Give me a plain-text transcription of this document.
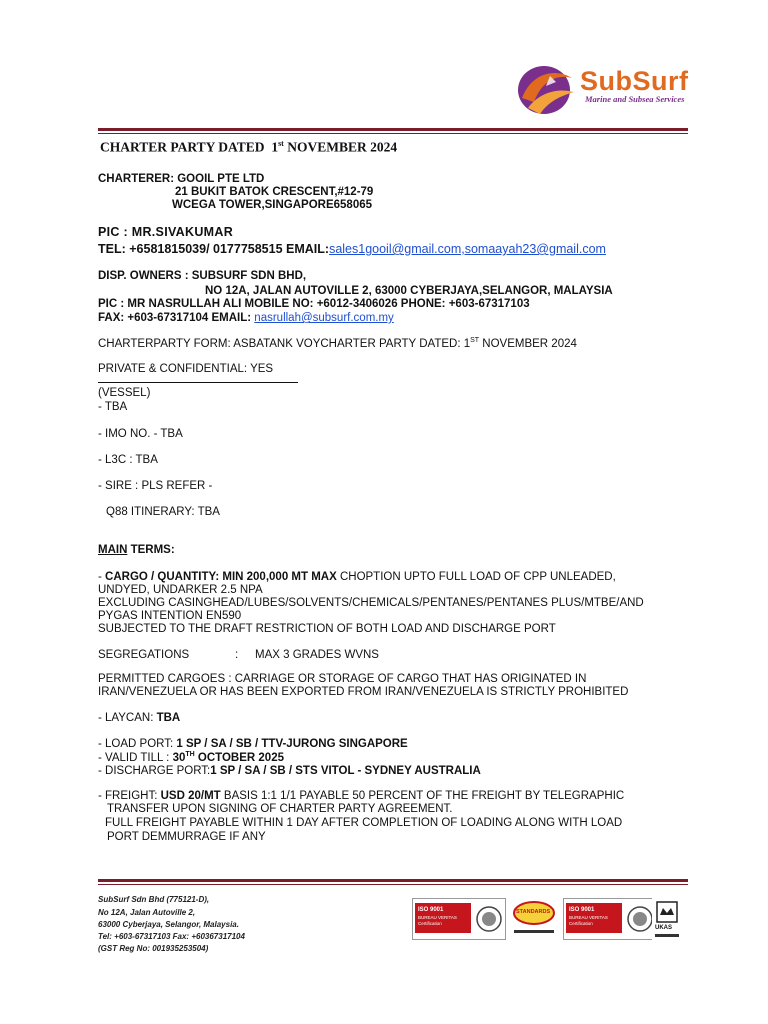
SubSurf
Marine and Subsea Services
CHARTER PARTY DATED 1st NOVEMBER 2024
CHARTERER: GOOIL PTE LTD
21 BUKIT BATOK CRESCENT,#12-79
WCEGA TOWER,SINGAPORE658065
PIC : MR.SIVAKUMAR
TEL: +6581815039/ 0177758515 EMAIL:sales1gooil@gmail.com,somaayah23@gmail.com
DISP. OWNERS : SUBSURF SDN BHD,
NO 12A, JALAN AUTOVILLE 2, 63000 CYBERJAYA,SELANGOR, MALAYSIA
PIC : MR NASRULLAH ALI MOBILE NO: +6012-3406026 PHONE: +603-67317103
FAX: +603-67317104 EMAIL: nasrullah@subsurf.com.my
CHARTERPARTY FORM: ASBATANK VOYCHARTER PARTY DATED: 1ST NOVEMBER 2024
PRIVATE & CONFIDENTIAL: YES
(VESSEL)
- TBA
- IMO NO. - TBA
- L3C : TBA
- SIRE : PLS REFER -
Q88 ITINERARY: TBA
MAIN TERMS:
- CARGO / QUANTITY: MIN 200,000 MT MAX CHOPTION UPTO FULL LOAD OF CPP UNLEADED,
UNDYED, UNDARKER 2.5 NPA
EXCLUDING CASINGHEAD/LUBES/SOLVENTS/CHEMICALS/PENTANES/PENTANES PLUS/MTBE/AND
PYGAS INTENTION EN590
SUBJECTED TO THE DRAFT RESTRICTION OF BOTH LOAD AND DISCHARGE PORT
SEGREGATIONS	: MAX 3 GRADES WVNS
PERMITTED CARGOES : CARRIAGE OR STORAGE OF CARGO THAT HAS ORIGINATED IN
IRAN/VENEZUELA OR HAS BEEN EXPORTED FROM IRAN/VENEZUELA IS STRICTLY PROHIBITED
- LAYCAN: TBA
- LOAD PORT: 1 SP / SA / SB / TTV-JURONG SINGAPORE
- VALID TILL : 30TH OCTOBER 2025
- DISCHARGE PORT:1 SP / SA / SB / STS VITOL - SYDNEY AUSTRALIA
- FREIGHT: USD 20/MT BASIS 1:1 1/1 PAYABLE 50 PERCENT OF THE FREIGHT BY TELEGRAPHIC
TRANSFER UPON SIGNING OF CHARTER PARTY AGREEMENT.
FULL FREIGHT PAYABLE WITHIN 1 DAY AFTER COMPLETION OF LOADING ALONG WITH LOAD
PORT DEMMURRAGE IF ANY
SubSurf Sdn Bhd (775121-D),
No 12A, Jalan Autoville 2,
63000 Cyberjaya, Selangor, Malaysia.
Tel: +603-67317103 Fax: +60367317104
(GST Reg No: 001935253504)
ISO 9001
BUREAU VERITAS
Certification
STANDARDS	ISO 9001
BUREAU VERITAS
Certification
UKAS
